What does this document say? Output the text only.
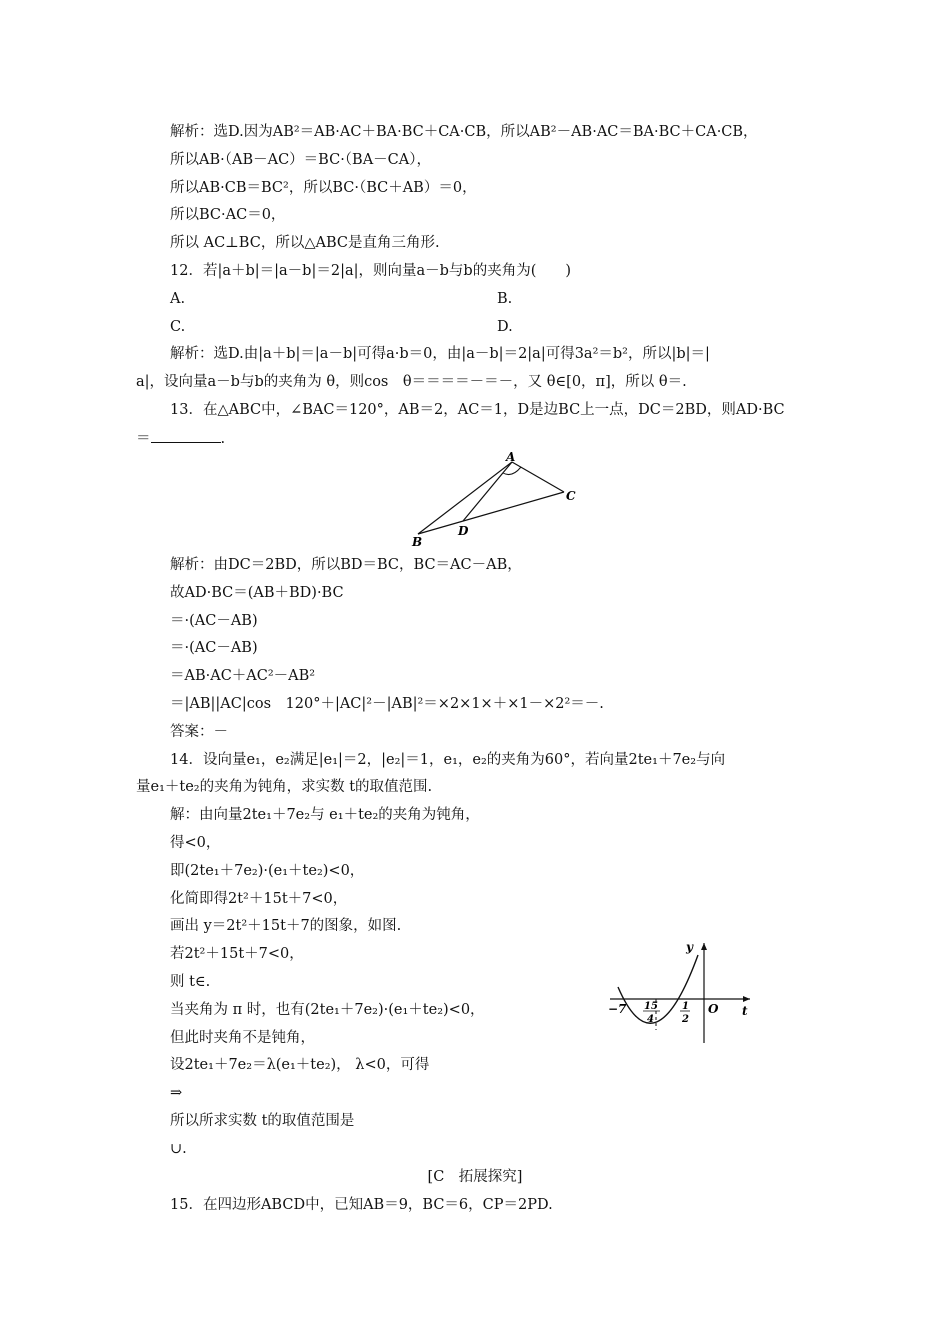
解析：选D.因为AB²＝AB·AC＋BA·BC＋CA·CB，所以AB²－AB·AC＝BA·BC＋CA·CB，
所以AB·（AB－AC）＝BC·（BA－CA），
所以AB·CB＝BC²，所以BC·（BC＋AB）＝0，
所以BC·AC＝0，
所以 AC⊥BC，所以△ABC是直角三角形.
12．若|a＋b|＝|a－b|＝2|a|，则向量a－b与b的夹角为(　　)
A.	B.
C.	D.
解析：选D.由|a＋b|＝|a－b|可得a·b＝0，由|a－b|＝2|a|可得3a²＝b²，所以|b|＝|
a|，设向量a－b与b的夹角为 θ，则cos　θ＝＝＝＝－＝－，又 θ∈[0，π]，所以 θ＝.
13．在△ABC中，∠BAC＝120°，AB＝2，AC＝1，D是边BC上一点，DC＝2BD，则AD·BC
＝	.
A
B
C
D
解析：由DC＝2BD，所以BD＝BC，BC＝AC－AB，
故AD·BC＝(AB＋BD)·BC
＝·(AC－AB)
＝·(AC－AB)
＝AB·AC＋AC²－AB²
＝|AB||AC|cos　120°＋|AC|²－|AB|²＝×2×1×＋×1－×2²＝－.
答案：－
14．设向量e₁，e₂满足|e₁|＝2，|e₂|＝1，e₁，e₂的夹角为60°，若向量2te₁＋7e₂与向
量e₁＋te₂的夹角为钝角，求实数 t的取值范围.
解：由向量2te₁＋7e₂与 e₁＋te₂的夹角为钝角，
得<0，
即(2te₁＋7e₂)·(e₁＋te₂)<0，
化简即得2t²＋15t＋7<0，
画出 y＝2t²＋15t＋7的图象，如图.
若2t²＋15t＋7<0，
则 t∈.
当夹角为 π 时，也有(2te₁＋7e₂)·(e₁＋te₂)<0，
但此时夹角不是钝角，
设2te₁＋7e₂＝λ(e₁＋te₂)， λ<0，可得
⇒
所以所求实数 t的取值范围是
∪.
y
t
O
−7 15
4
1
2
[C　拓展探究]
15．在四边形ABCD中，已知AB＝9，BC＝6，CP＝2PD.
